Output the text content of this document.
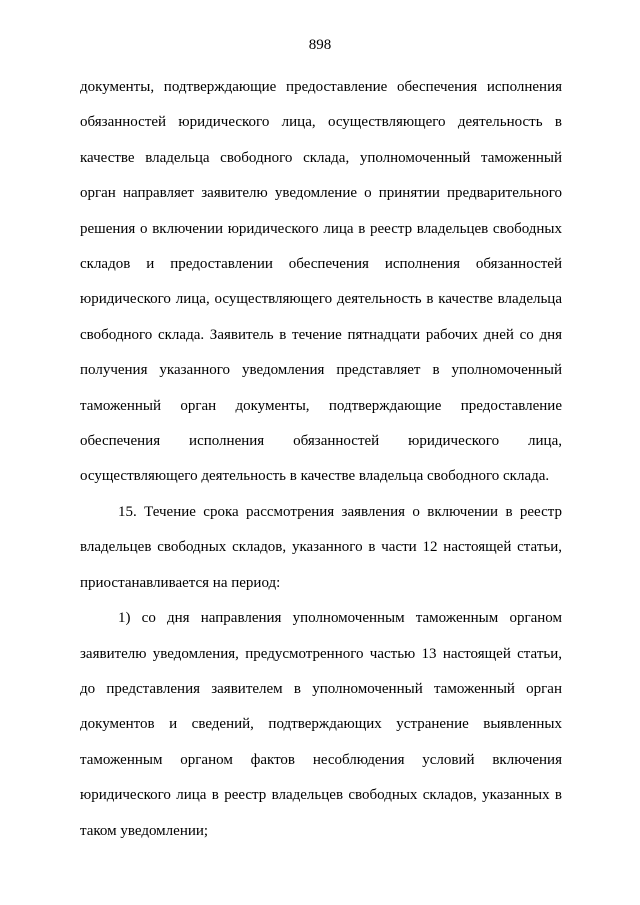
898
документы, подтверждающие предоставление обеспечения исполнения
обязанностей юридического лица, осуществляющего деятельность в
качестве владельца свободного склада, уполномоченный таможенный
орган направляет заявителю уведомление о принятии предварительного
решения о включении юридического лица в реестр владельцев свободных
складов и предоставлении обеспечения исполнения обязанностей
юридического лица, осуществляющего деятельность в качестве владельца
свободного склада. Заявитель в течение пятнадцати рабочих дней со дня
получения указанного уведомления представляет в уполномоченный
таможенный орган документы, подтверждающие предоставление
обеспечения исполнения обязанностей юридического лица,
осуществляющего деятельность в качестве владельца свободного склада.
15. Течение срока рассмотрения заявления о включении в реестр
владельцев свободных складов, указанного в части 12 настоящей статьи,
приостанавливается на период:
1) со дня направления уполномоченным таможенным органом
заявителю уведомления, предусмотренного частью 13 настоящей статьи,
до представления заявителем в уполномоченный таможенный орган
документов и сведений, подтверждающих устранение выявленных
таможенным органом фактов несоблюдения условий включения
юридического лица в реестр владельцев свободных складов, указанных в
таком уведомлении;
